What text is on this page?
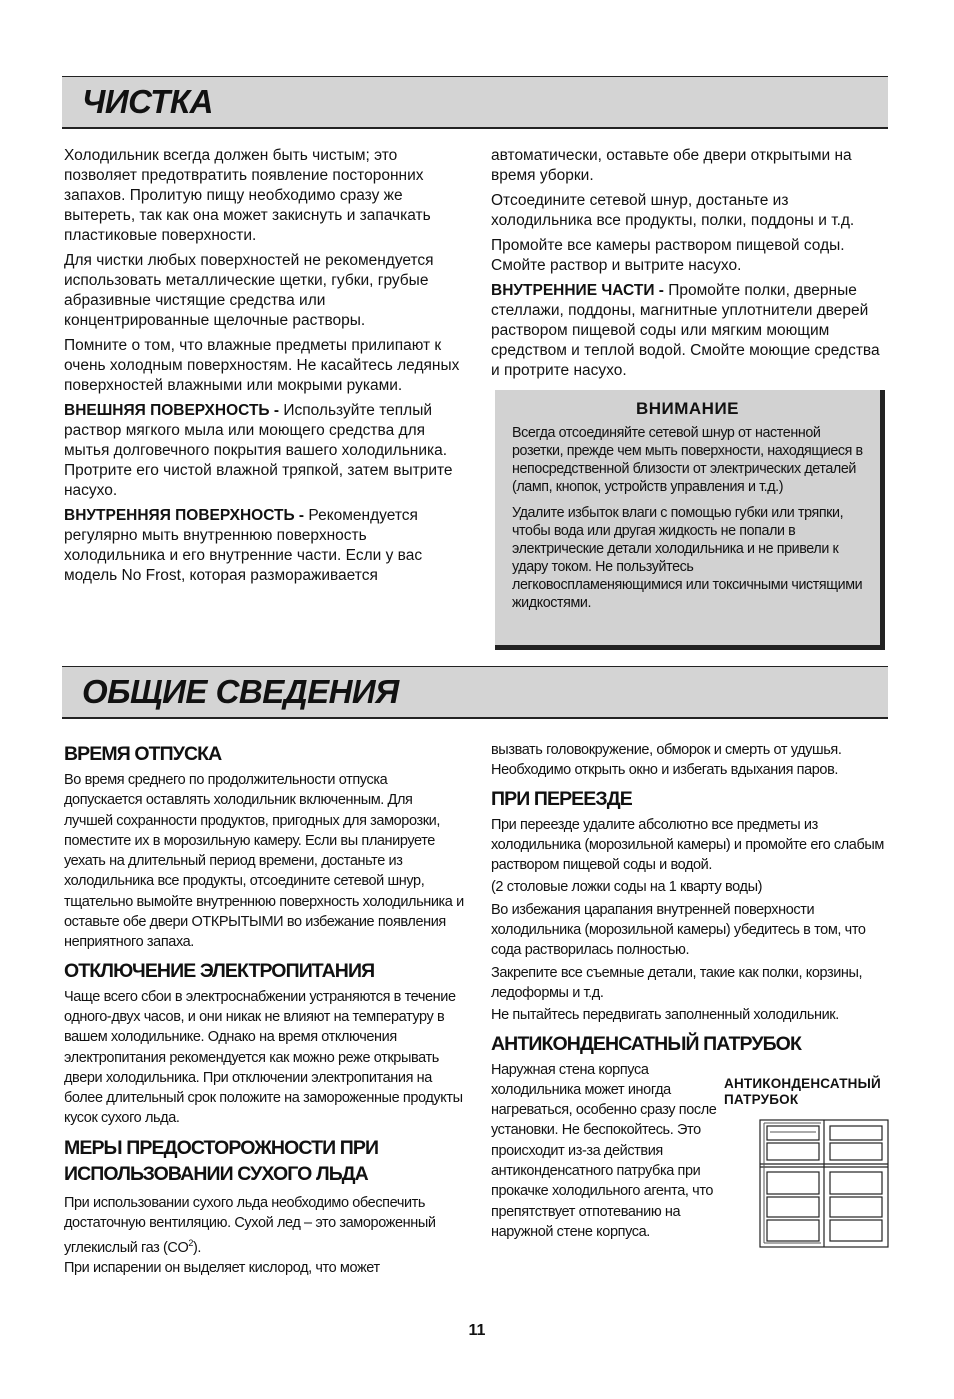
ЧИСТКА

Холодильник всегда должен быть чистым; это позволяет предотвратить появление посторонних запахов. Пролитую пищу необходимо сразу же вытереть, так как она может закиснуть и запачкать пластиковые поверхности.

Для чистки любых поверхностей не рекомендуется использовать металлические щетки, губки, грубые абразивные чистящие средства или концентрированные щелочные растворы.

Помните о том, что влажные предметы прилипают к очень холодным поверхностям. Не касайтесь ледяных поверхностей влажными или мокрыми руками.

ВНЕШНЯЯ ПОВЕРХНОСТЬ - Используйте теплый раствор мягкого мыла или моющего средства для мытья долговечного покрытия вашего холодильника. Протрите его чистой влажной тряпкой, затем вытрите насухо.

ВНУТРЕННЯЯ ПОВЕРХНОСТЬ - Рекомендуется регулярно мыть внутреннюю поверхность холодильника и его внутренние части. Если у вас модель No Frost, которая размораживается

автоматически, оставьте обе двери открытыми на время уборки.

Отсоедините сетевой шнур, достаньте из холодильника все продукты, полки, поддоны и т.д.

Промойте все камеры раствором пищевой соды. Смойте раствор и вытрите насухо.

ВНУТРЕННИЕ ЧАСТИ - Промойте полки, дверные стеллажи, поддоны, магнитные уплотнители дверей раствором пищевой соды или мягким моющим средством и теплой водой. Смойте моющие средства и протрите насухо.

ВНИМАНИЕ

Всегда отсоединяйте сетевой шнур от настенной розетки, прежде чем мыть поверхности, находящиеся в непосредственной близости от электрических деталей (ламп, кнопок, устройств управления и т.д.)

Удалите избыток влаги с помощью губки или тряпки, чтобы вода или другая жидкость не попали в электрические детали холодильника и не привели к удару током. Не пользуйтесь легковоспламеняющимися или токсичными чистящими жидкостями.

ОБЩИЕ СВЕДЕНИЯ
ВРЕМЯ ОТПУСКА

Во время среднего по продолжительности отпуска допускается оставлять холодильник включенным. Для лучшей сохранности продуктов, пригодных для заморозки, поместите их в морозильную камеру. Если вы планируете уехать на длительный период времени, достаньте из холодильника все продукты, отсоедините сетевой шнур, тщательно вымойте внутреннюю поверхность холодильника и оставьте обе двери ОТКРЫТЫМИ во избежание появления неприятного запаха.

ОТКЛЮЧЕНИЕ ЭЛЕКТРОПИТАНИЯ

Чаще всего сбои в электроснабжении устраняются в течение одного-двух часов, и они никак не влияют на температуру в вашем холодильнике. Однако на время отключения электропитания рекомендуется как можно реже открывать двери холодильника. При отключении электропитания на более длительный срок положите на замороженные продукты кусок сухого льда.

МЕРЫ ПРЕДОСТОРОЖНОСТИ ПРИ ИСПОЛЬЗОВАНИИ СУХОГО ЛЬДА

При использовании сухого льда необходимо обеспечить достаточную вентиляцию. Сухой лед – это замороженный углекислый газ $(CO^2)$.
При испарении он выделяет кислород, что может

вызвать головокружение, обморок и смерть от удушья. Необходимо открыть окно и избегать вдыхания паров.

ПРИ ПЕРЕЕЗДЕ

При переезде удалите абсолютно все предметы из холодильника (морозильной камеры) и промойте его слабым раствором пищевой соды и водой.

(2 столовые ложки соды на 1 кварту воды)

Во избежания царапания внутренней поверхности холодильника (морозильной камеры) убедитесь в том, что сода растворилась полностью.

Закрепите все съемные детали, такие как полки, корзины, ледоформы и т.д.

Не пытайтесь передвигать заполненный холодильник.

АНТИКОНДЕНСАТНЫЙ ПАТРУБОК

Наружная стена корпуса холодильника может иногда нагреваться, особенно сразу после установки. Не беспокойтесь. Это происходит из-за действия антиконденсатного патрубка при прокачке холодильного агента, что препятствует отпотеванию на наружной стене корпуса.

АНТИКОНДЕНСАТНЫЙ
ПАТРУБОК
11
